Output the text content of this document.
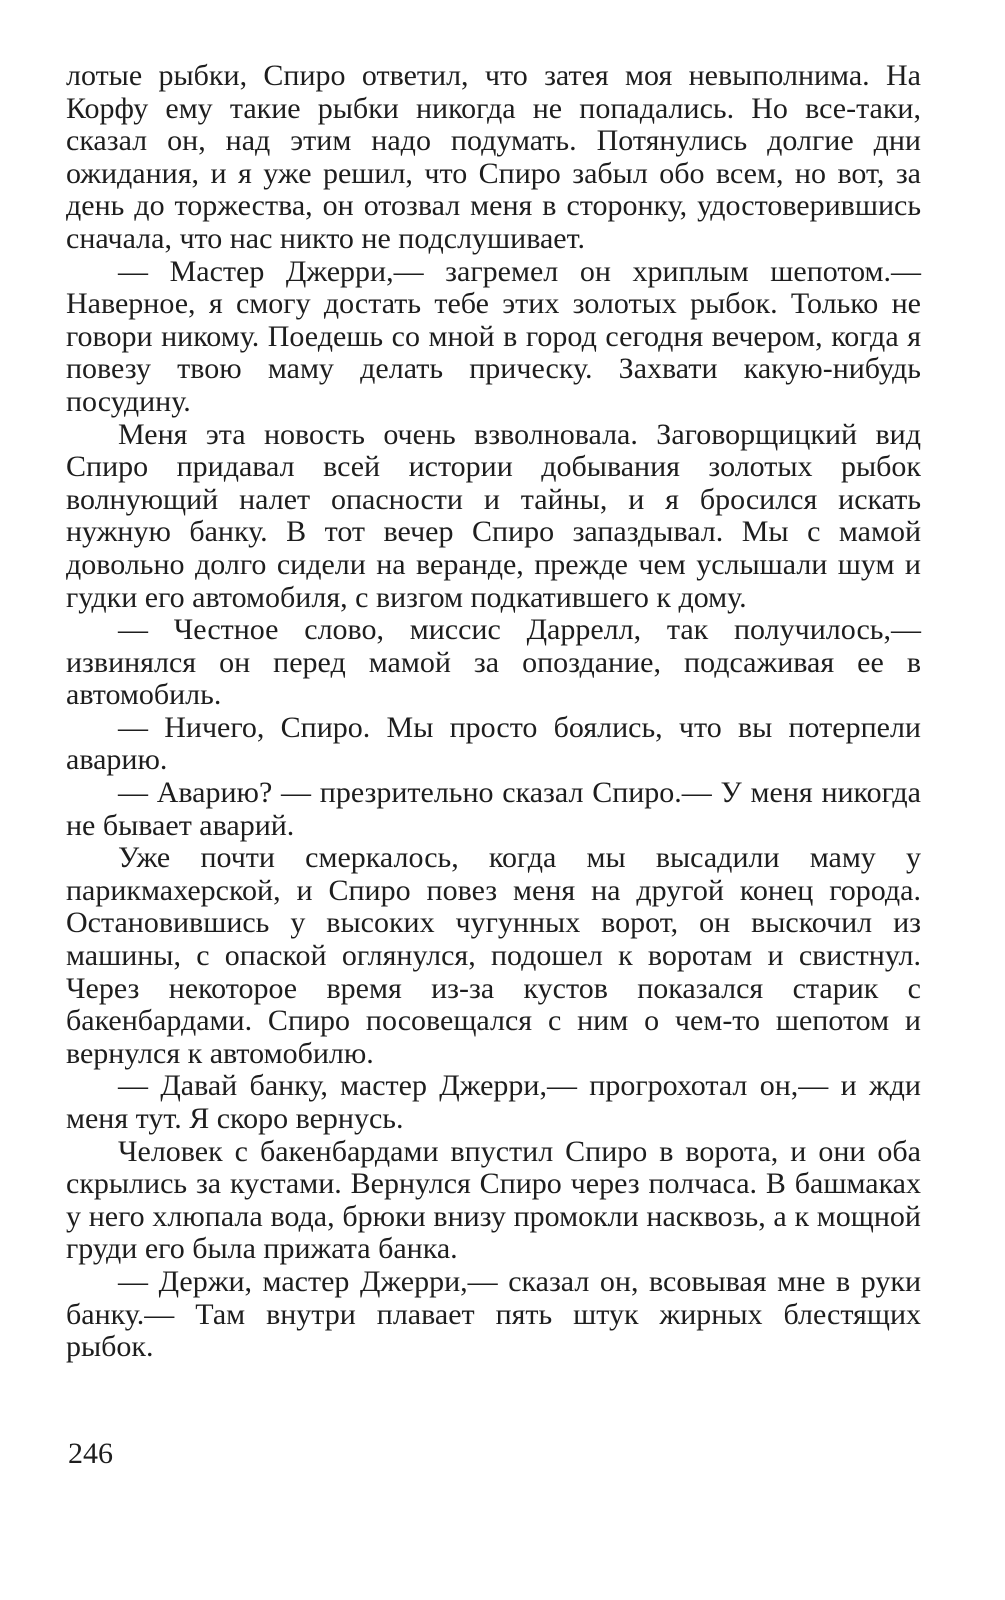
лотые рыбки, Спиро ответил, что затея моя невыполнима. На Корфу ему такие рыбки никогда не попадались. Но все-таки, сказал он, над этим надо подумать. Потянулись долгие дни ожидания, и я уже решил, что Спиро забыл обо всем, но вот, за день до торжества, он отозвал меня в сторонку, удостоверившись сначала, что нас никто не подслушивает.

— Мастер Джерри,— загремел он хриплым шепотом.— Наверное, я смогу достать тебе этих золотых рыбок. Только не говори никому. Поедешь со мной в город сегодня вечером, когда я повезу твою маму делать прическу. Захвати какую-нибудь посудину.

Меня эта новость очень взволновала. Заговорщицкий вид Спиро придавал всей истории добывания золотых рыбок волнующий налет опасности и тайны, и я бросился искать нужную банку. В тот вечер Спиро запаздывал. Мы с мамой довольно долго сидели на веранде, прежде чем услышали шум и гудки его автомобиля, с визгом подкатившего к дому.

— Честное слово, миссис Даррелл, так получилось,— извинялся он перед мамой за опоздание, подсаживая ее в автомобиль.

— Ничего, Спиро. Мы просто боялись, что вы потерпели аварию.

— Аварию? — презрительно сказал Спиро.— У меня никогда не бывает аварий.

Уже почти смеркалось, когда мы высадили маму у парикмахерской, и Спиро повез меня на другой конец города. Остановившись у высоких чугунных ворот, он выскочил из машины, с опаской оглянулся, подошел к воротам и свистнул. Через некоторое время из-за кустов показался старик с бакенбардами. Спиро посовещался с ним о чем-то шепотом и вернулся к автомобилю.

— Давай банку, мастер Джерри,— прогрохотал он,— и жди меня тут. Я скоро вернусь.

Человек с бакенбардами впустил Спиро в ворота, и они оба скрылись за кустами. Вернулся Спиро через полчаса. В башмаках у него хлюпала вода, брюки внизу промокли насквозь, а к мощной груди его была прижата банка.

— Держи, мастер Джерри,— сказал он, всовывая мне в руки банку.— Там внутри плавает пять штук жирных блестящих рыбок.

246
